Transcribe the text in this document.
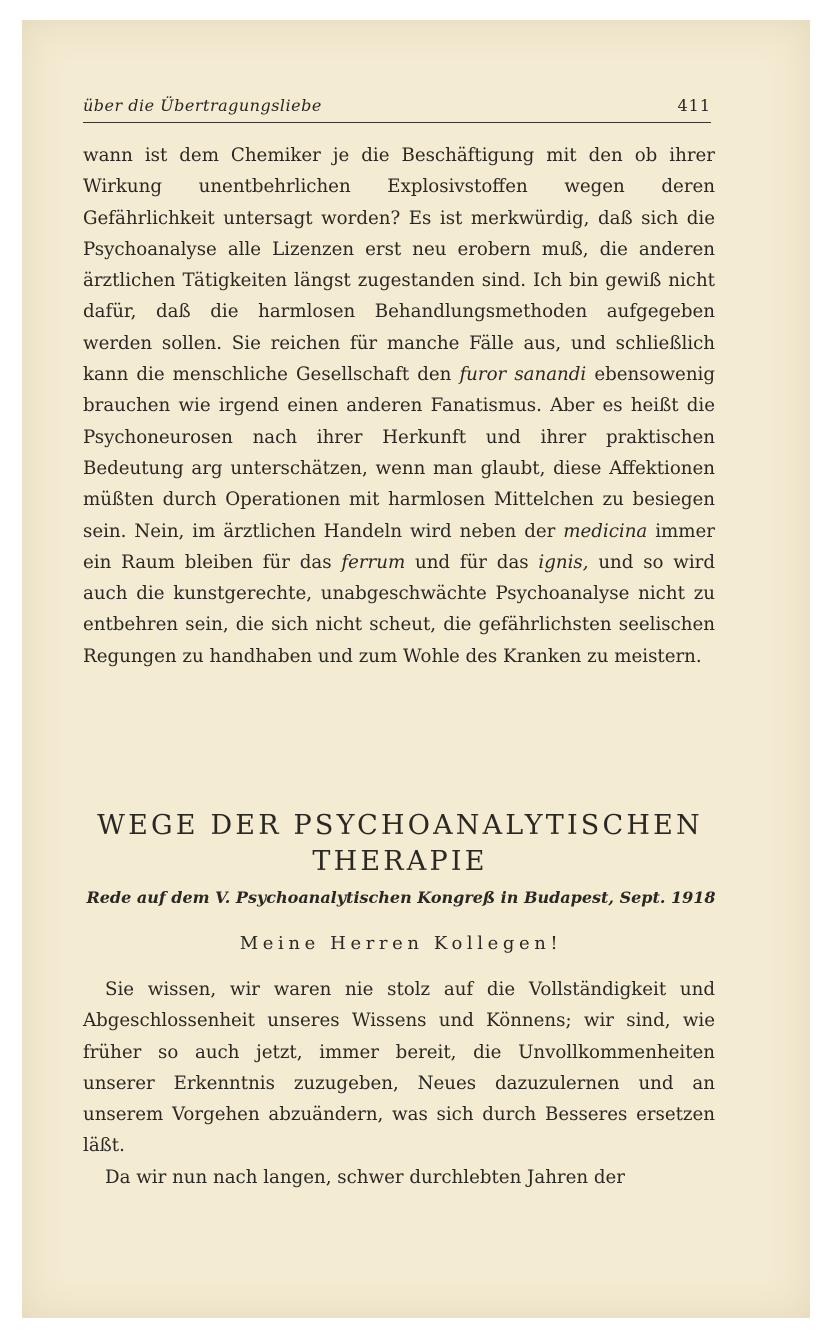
über die Übertragungsliebe	411

wann ist dem Chemiker je die Beschäftigung mit den ob ihrer Wirkung unentbehrlichen Explosivstoffen wegen deren Gefährlichkeit untersagt worden? Es ist merkwürdig, daß sich die Psychoanalyse alle Lizenzen erst neu erobern muß, die anderen ärztlichen Tätigkeiten längst zugestanden sind. Ich bin gewiß nicht dafür, daß die harmlosen Behandlungsmethoden aufgegeben werden sollen. Sie reichen für manche Fälle aus, und schließlich kann die menschliche Gesellschaft den furor sanandi ebensowenig brauchen wie irgend einen anderen Fanatismus. Aber es heißt die Psychoneurosen nach ihrer Herkunft und ihrer praktischen Bedeutung arg unterschätzen, wenn man glaubt, diese Affektionen müßten durch Operationen mit harmlosen Mittelchen zu besiegen sein. Nein, im ärztlichen Handeln wird neben der medicina immer ein Raum bleiben für das ferrum und für das ignis, und so wird auch die kunstgerechte, unabgeschwächte Psychoanalyse nicht zu entbehren sein, die sich nicht scheut, die gefährlichsten seelischen Regungen zu handhaben und zum Wohle des Kranken zu meistern.

WEGE DER PSYCHOANALYTISCHEN
THERAPIE
Rede auf dem V. Psychoanalytischen Kongreß in Budapest, Sept. 1918
Meine Herren Kollegen!

Sie wissen, wir waren nie stolz auf die Vollständigkeit und Abgeschlossenheit unseres Wissens und Könnens; wir sind, wie früher so auch jetzt, immer bereit, die Unvollkommenheiten unserer Erkenntnis zuzugeben, Neues dazuzulernen und an unserem Vorgehen abzuändern, was sich durch Besseres ersetzen läßt.

Da wir nun nach langen, schwer durchlebten Jahren der
